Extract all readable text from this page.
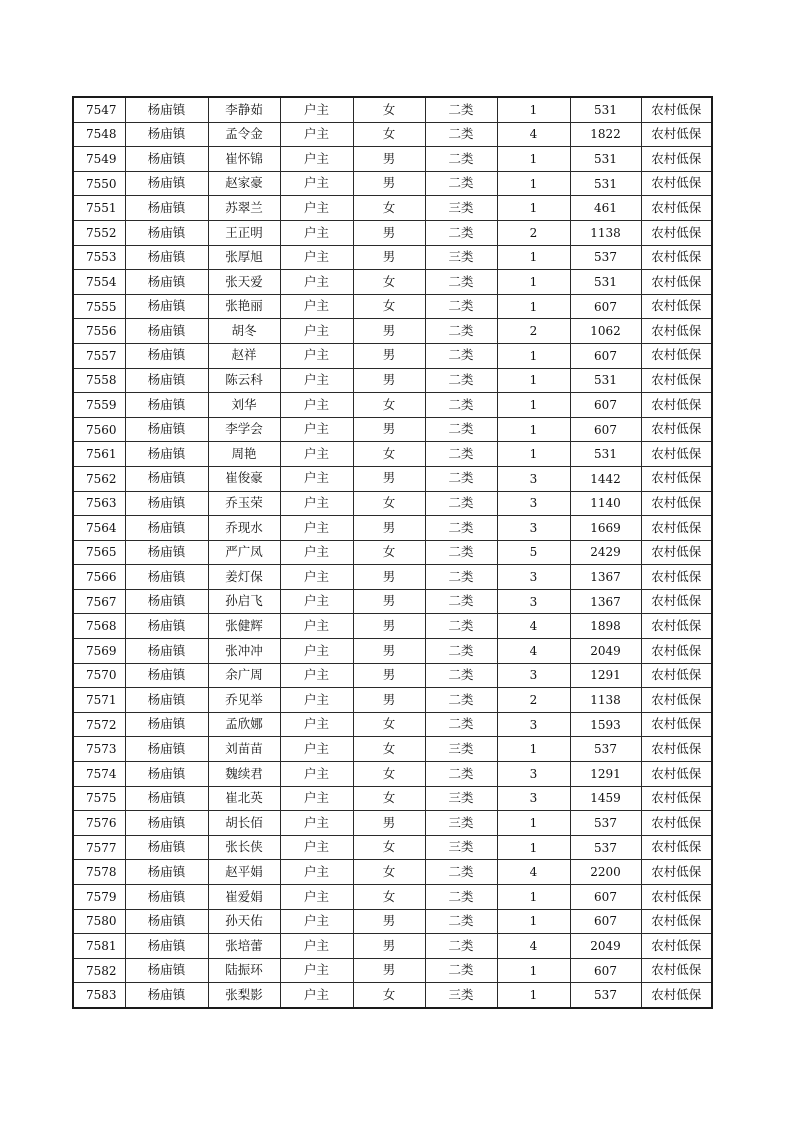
7547	杨庙镇	李静茹	户主	女	二类	1	531	农村低保
7548	杨庙镇	孟令金	户主	女	二类	4	1822	农村低保
7549	杨庙镇	崔怀锦	户主	男	二类	1	531	农村低保
7550	杨庙镇	赵家豪	户主	男	二类	1	531	农村低保
7551	杨庙镇	苏翠兰	户主	女	三类	1	461	农村低保
7552	杨庙镇	王正明	户主	男	二类	2	1138	农村低保
7553	杨庙镇	张厚旭	户主	男	三类	1	537	农村低保
7554	杨庙镇	张天爱	户主	女	二类	1	531	农村低保
7555	杨庙镇	张艳丽	户主	女	二类	1	607	农村低保
7556	杨庙镇	胡冬	户主	男	二类	2	1062	农村低保
7557	杨庙镇	赵祥	户主	男	二类	1	607	农村低保
7558	杨庙镇	陈云科	户主	男	二类	1	531	农村低保
7559	杨庙镇	刘华	户主	女	二类	1	607	农村低保
7560	杨庙镇	李学会	户主	男	二类	1	607	农村低保
7561	杨庙镇	周艳	户主	女	二类	1	531	农村低保
7562	杨庙镇	崔俊豪	户主	男	二类	3	1442	农村低保
7563	杨庙镇	乔玉荣	户主	女	二类	3	1140	农村低保
7564	杨庙镇	乔现水	户主	男	二类	3	1669	农村低保
7565	杨庙镇	严广凤	户主	女	二类	5	2429	农村低保
7566	杨庙镇	姜灯保	户主	男	二类	3	1367	农村低保
7567	杨庙镇	孙启飞	户主	男	二类	3	1367	农村低保
7568	杨庙镇	张健辉	户主	男	二类	4	1898	农村低保
7569	杨庙镇	张冲冲	户主	男	二类	4	2049	农村低保
7570	杨庙镇	余广周	户主	男	二类	3	1291	农村低保
7571	杨庙镇	乔见举	户主	男	二类	2	1138	农村低保
7572	杨庙镇	孟欣娜	户主	女	二类	3	1593	农村低保
7573	杨庙镇	刘苗苗	户主	女	三类	1	537	农村低保
7574	杨庙镇	魏续君	户主	女	二类	3	1291	农村低保
7575	杨庙镇	崔北英	户主	女	三类	3	1459	农村低保
7576	杨庙镇	胡长佰	户主	男	三类	1	537	农村低保
7577	杨庙镇	张长侠	户主	女	三类	1	537	农村低保
7578	杨庙镇	赵平娟	户主	女	二类	4	2200	农村低保
7579	杨庙镇	崔爱娟	户主	女	二类	1	607	农村低保
7580	杨庙镇	孙天佑	户主	男	二类	1	607	农村低保
7581	杨庙镇	张培蕾	户主	男	二类	4	2049	农村低保
7582	杨庙镇	陆振环	户主	男	二类	1	607	农村低保
7583	杨庙镇	张梨影	户主	女	三类	1	537	农村低保
